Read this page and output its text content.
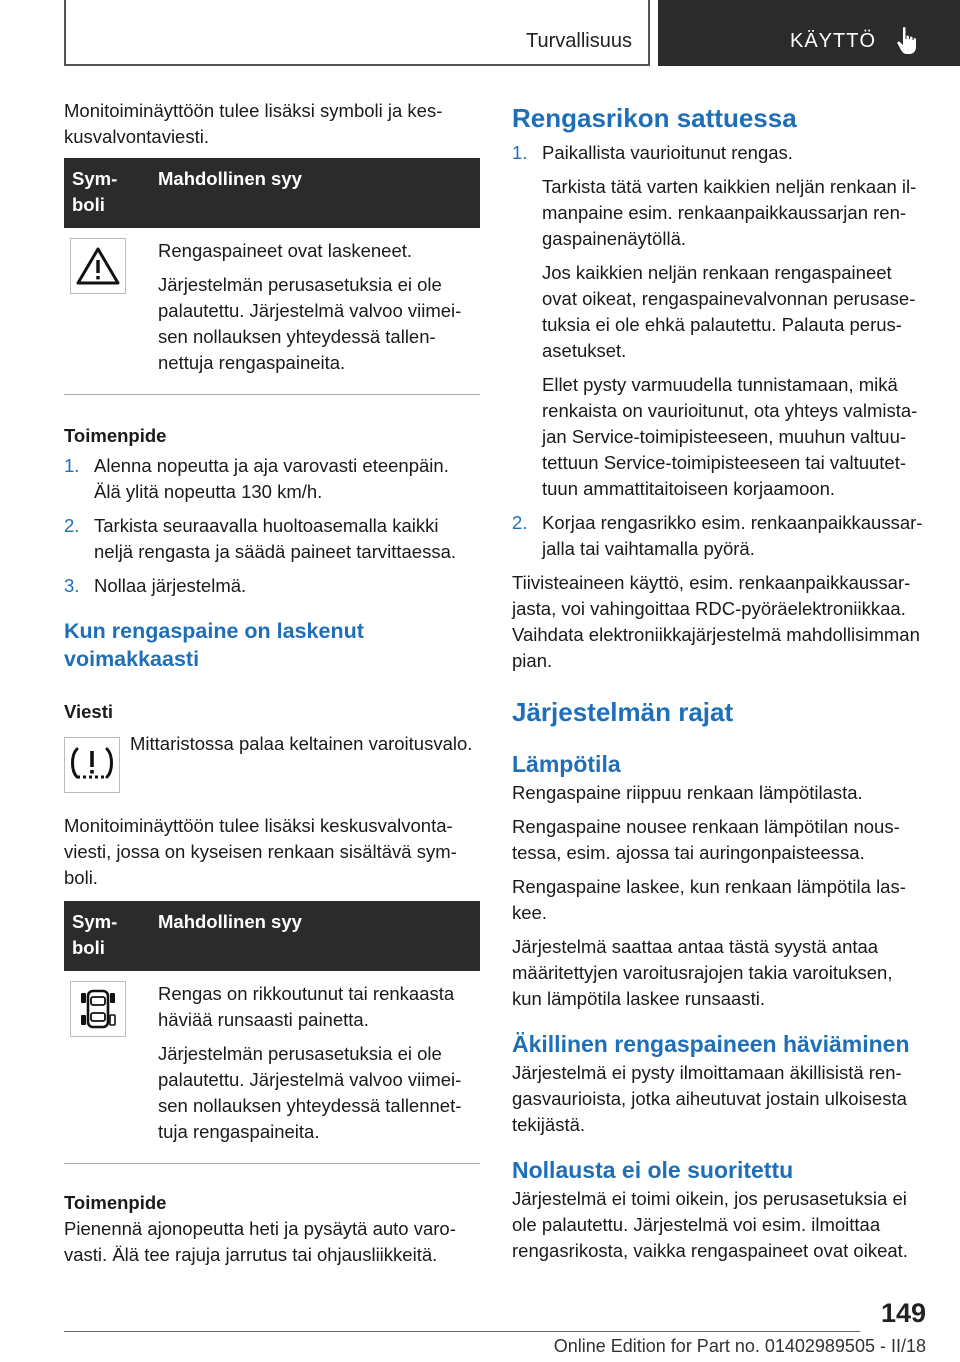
Turvallisuus	KÄYTTÖ

Monitoiminäyttöön tulee lisäksi symboli ja keskusvalvontaviesti.

Symboli	Mahdollinen syy

Rengaspaineet ovat laskeneet.

Järjestelmän perusasetuksia ei ole palautettu. Järjestelmä valvoo viimeisen nollauksen yhteydessä tallennettuja rengaspaineita.

Toimenpide
1. Alenna nopeutta ja aja varovasti eteenpäin. Älä ylitä nopeutta 130 km/h.
2. Tarkista seuraavalla huoltoasemalla kaikki neljä rengasta ja säädä paineet tarvittaessa.
3. Nollaa järjestelmä.
Kun rengaspaine on laskenut voimakkaasti
Viesti

Mittaristossa palaa keltainen varoitusvalo.

Monitoiminäyttöön tulee lisäksi keskusvalvontaviesti, jossa on kyseisen renkaan sisältävä symboli.

Symboli	Mahdollinen syy

Rengas on rikkoutunut tai renkaasta häviää runsaasti painetta.

Järjestelmän perusasetuksia ei ole palautettu. Järjestelmä valvoo viimeisen nollauksen yhteydessä tallennettuja rengaspaineita.

Toimenpide

Pienennä ajonopeutta heti ja pysäytä auto varovasti. Älä tee rajuja jarrutus tai ohjausliikkeitä.

Rengasrikon sattuessa
1. Paikallista vaurioitunut rengas.

Tarkista tätä varten kaikkien neljän renkaan ilmanpaine esim. renkaanpaikkaussarjan rengaspainenäytöllä.

Jos kaikkien neljän renkaan rengaspaineet ovat oikeat, rengaspainevalvonnan perusasetuksia ei ole ehkä palautettu. Palauta perusasetukset.

Ellet pysty varmuudella tunnistamaan, mikä renkaista on vaurioitunut, ota yhteys valmistajan Service-toimipisteeseen, muuhun valtuutettuun Service-toimipisteeseen tai valtuutettuun ammattitaitoiseen korjaamoon.

2. Korjaa rengasrikko esim. renkaanpaikkaussarjalla tai vaihtamalla pyörä.

Tiivisteaineen käyttö, esim. renkaanpaikkaussarjasta, voi vahingoittaa RDC-pyöräelektroniikkaa. Vaihdata elektroniikkajärjestelmä mahdollisimman pian.

Järjestelmän rajat
Lämpötila

Rengaspaine riippuu renkaan lämpötilasta.

Rengaspaine nousee renkaan lämpötilan noustessa, esim. ajossa tai auringonpaisteessa.

Rengaspaine laskee, kun renkaan lämpötila laskee.

Järjestelmä saattaa antaa tästä syystä antaa määritettyjen varoitusrajojen takia varoituksen, kun lämpötila laskee runsaasti.

Äkillinen rengaspaineen häviäminen

Järjestelmä ei pysty ilmoittamaan äkillisistä rengasvaurioista, jotka aiheutuvat jostain ulkoisesta tekijästä.

Nollausta ei ole suoritettu

Järjestelmä ei toimi oikein, jos perusasetuksia ei ole palautettu. Järjestelmä voi esim. ilmoittaa rengasrikosta, vaikka rengaspaineet ovat oikeat.

149
Online Edition for Part no. 01402989505 - II/18
